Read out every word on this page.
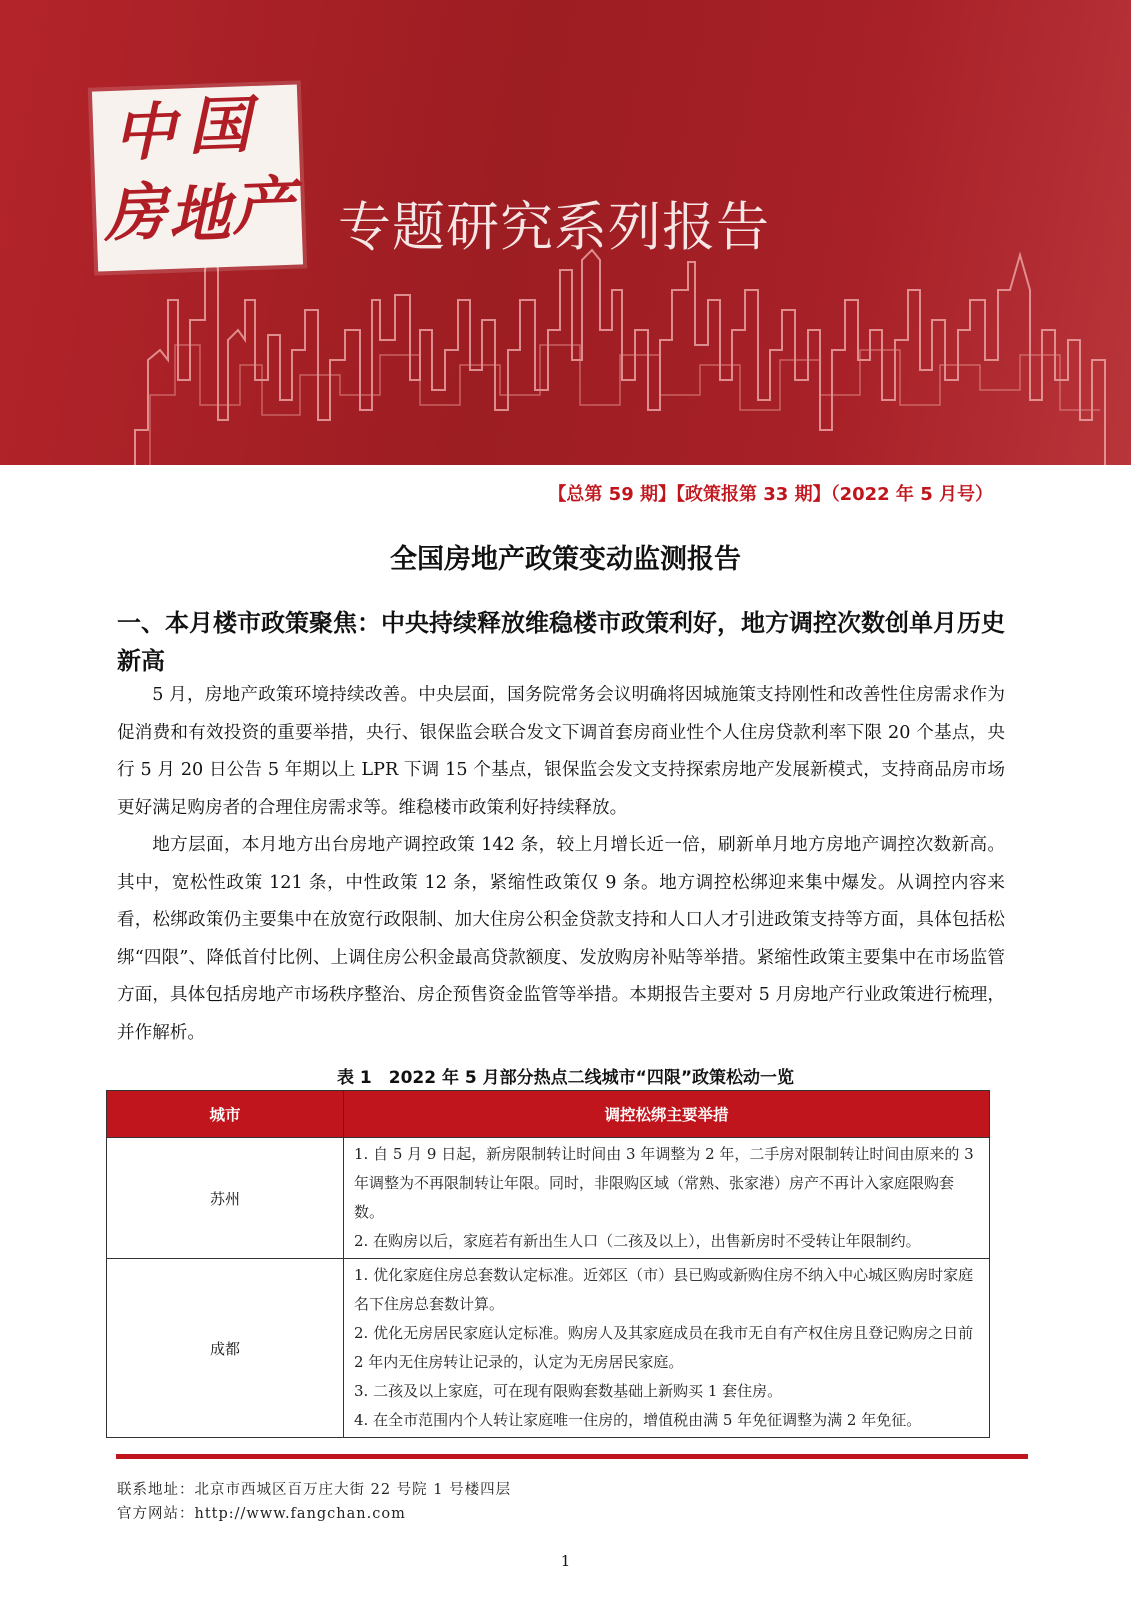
中 国
房 地 产 专题研究系列报告
【总第 59 期】【政策报第 33 期】（2022 年 5 月号）
全国房地产政策变动监测报告
一、本月楼市政策聚焦：中央持续释放维稳楼市政策利好，地方调控次数创单月历史新高

5 月，房地产政策环境持续改善。中央层面，国务院常务会议明确将因城施策支持刚性和改善性住房需求作为促消费和有效投资的重要举措，央行、银保监会联合发文下调首套房商业性个人住房贷款利率下限 20 个基点，央行 5 月 20 日公告 5 年期以上 LPR 下调 15 个基点，银保监会发文支持探索房地产发展新模式，支持商品房市场更好满足购房者的合理住房需求等。维稳楼市政策利好持续释放。

地方层面，本月地方出台房地产调控政策 142 条，较上月增长近一倍，刷新单月地方房地产调控次数新高。其中，宽松性政策 121 条，中性政策 12 条，紧缩性政策仅 9 条。地方调控松绑迎来集中爆发。从调控内容来看，松绑政策仍主要集中在放宽行政限制、加大住房公积金贷款支持和人口人才引进政策支持等方面，具体包括松绑“四限”、降低首付比例、上调住房公积金最高贷款额度、发放购房补贴等举措。紧缩性政策主要集中在市场监管方面，具体包括房地产市场秩序整治、房企预售资金监管等举措。本期报告主要对 5 月房地产行业政策进行梳理，并作解析。

表 1　2022 年 5 月部分热点二线城市“四限”政策松动一览
城市	调控松绑主要举措
苏州	1. 自 5 月 9 日起，新房限制转让时间由 3 年调整为 2 年，二手房对限制转让时间由原来的 3 年调整为不再限制转让年限。同时，非限购区域（常熟、张家港）房产不再计入家庭限购套数。
2. 在购房以后，家庭若有新出生人口（二孩及以上），出售新房时不受转让年限制约。

成都	1. 优化家庭住房总套数认定标准。近郊区（市）县已购或新购住房不纳入中心城区购房时家庭名下住房总套数计算。
2. 优化无房居民家庭认定标准。购房人及其家庭成员在我市无自有产权住房且登记购房之日前 2 年内无住房转让记录的，认定为无房居民家庭。
3. 二孩及以上家庭，可在现有限购套数基础上新购买 1 套住房。
4. 在全市范围内个人转让家庭唯一住房的，增值税由满 5 年免征调整为满 2 年免征。
联系地址：北京市西城区百万庄大街 22 号院 1 号楼四层
官方网站：http://www.fangchan.com
1
